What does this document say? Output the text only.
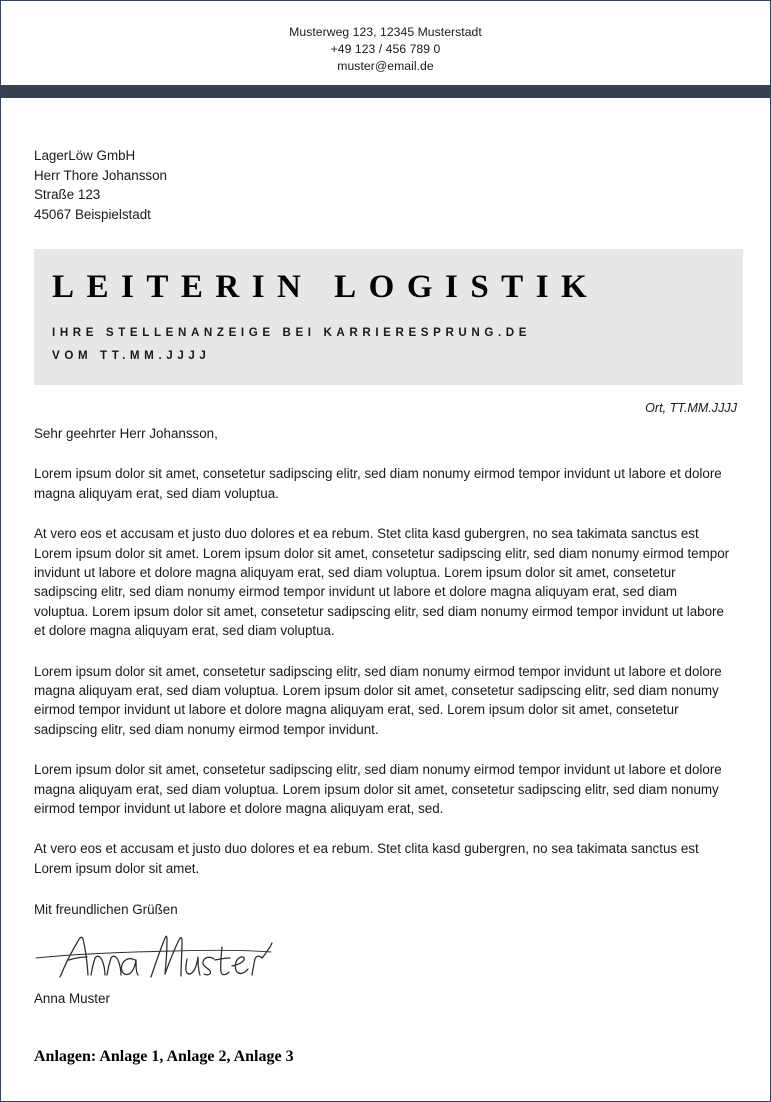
Musterweg 123, 12345 Musterstadt
+49 123 / 456 789 0
muster@email.de
LagerLöw GmbH
Herr Thore Johansson
Straße 123
45067 Beispielstadt
LEITERIN LOGISTIK
IHRE STELLENANZEIGE BEI KARRIERESPRUNG.DE
VOM TT.MM.JJJJ
Ort, TT.MM.JJJJ
Sehr geehrter Herr Johansson,
Lorem ipsum dolor sit amet, consetetur sadipscing elitr, sed diam nonumy eirmod tempor invidunt ut labore et dolore magna aliquyam erat, sed diam voluptua.
At vero eos et accusam et justo duo dolores et ea rebum. Stet clita kasd gubergren, no sea takimata sanctus est Lorem ipsum dolor sit amet. Lorem ipsum dolor sit amet, consetetur sadipscing elitr, sed diam nonumy eirmod tempor invidunt ut labore et dolore magna aliquyam erat, sed diam voluptua. Lorem ipsum dolor sit amet, consetetur sadipscing elitr, sed diam nonumy eirmod tempor invidunt ut labore et dolore magna aliquyam erat, sed diam voluptua. Lorem ipsum dolor sit amet, consetetur sadipscing elitr, sed diam nonumy eirmod tempor invidunt ut labore et dolore magna aliquyam erat, sed diam voluptua.
Lorem ipsum dolor sit amet, consetetur sadipscing elitr, sed diam nonumy eirmod tempor invidunt ut labore et dolore magna aliquyam erat, sed diam voluptua. Lorem ipsum dolor sit amet, consetetur sadipscing elitr, sed diam nonumy eirmod tempor invidunt ut labore et dolore magna aliquyam erat, sed. Lorem ipsum dolor sit amet, consetetur sadipscing elitr, sed diam nonumy eirmod tempor invidunt.
Lorem ipsum dolor sit amet, consetetur sadipscing elitr, sed diam nonumy eirmod tempor invidunt ut labore et dolore magna aliquyam erat, sed diam voluptua. Lorem ipsum dolor sit amet, consetetur sadipscing elitr, sed diam nonumy eirmod tempor invidunt ut labore et dolore magna aliquyam erat, sed.
At vero eos et accusam et justo duo dolores et ea rebum. Stet clita kasd gubergren, no sea takimata sanctus est Lorem ipsum dolor sit amet.
Mit freundlichen Grüßen
Anna Muster
Anlagen: Anlage 1, Anlage 2, Anlage 3
